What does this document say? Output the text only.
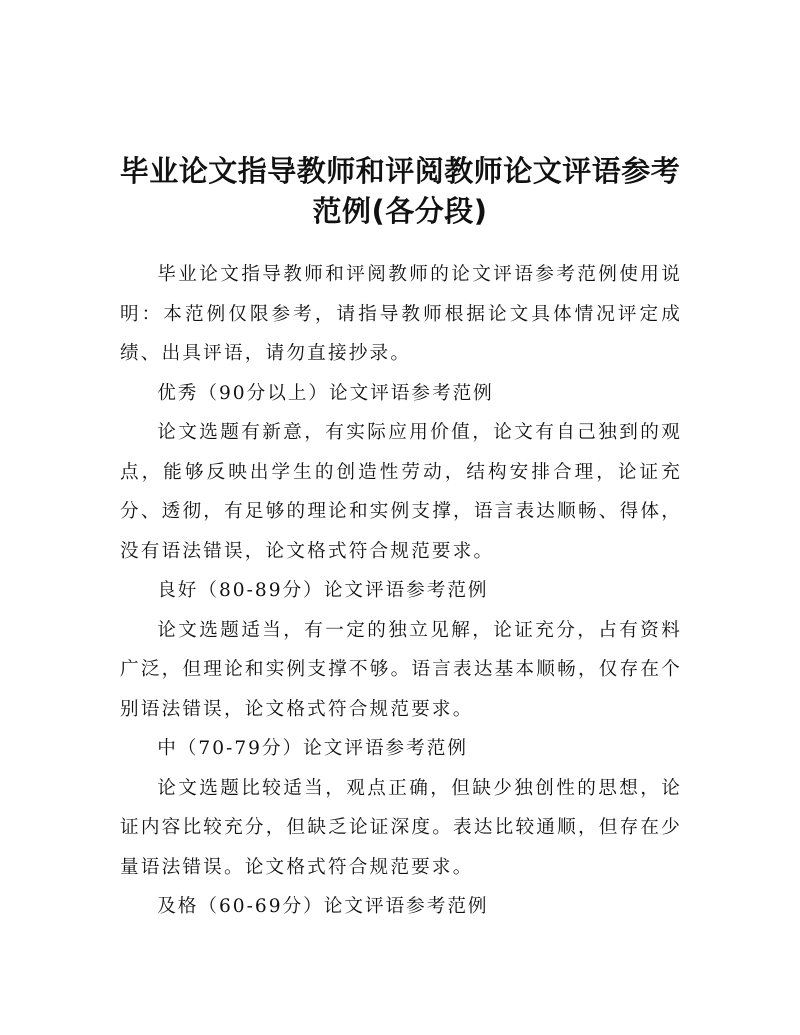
毕业论文指导教师和评阅教师论文评语参考
范例(各分段)

毕业论文指导教师和评阅教师的论文评语参考范例使用说明：本范例仅限参考，请指导教师根据论文具体情况评定成绩、出具评语，请勿直接抄录。

优秀（90分以上）论文评语参考范例

论文选题有新意，有实际应用价值，论文有自己独到的观点，能够反映出学生的创造性劳动，结构安排合理，论证充分、透彻，有足够的理论和实例支撑，语言表达顺畅、得体，没有语法错误，论文格式符合规范要求。

良好（80-89分）论文评语参考范例

论文选题适当，有一定的独立见解，论证充分，占有资料广泛，但理论和实例支撑不够。语言表达基本顺畅，仅存在个别语法错误，论文格式符合规范要求。

中（70-79分）论文评语参考范例

论文选题比较适当，观点正确，但缺少独创性的思想，论证内容比较充分，但缺乏论证深度。表达比较通顺，但存在少量语法错误。论文格式符合规范要求。

及格（60-69分）论文评语参考范例
